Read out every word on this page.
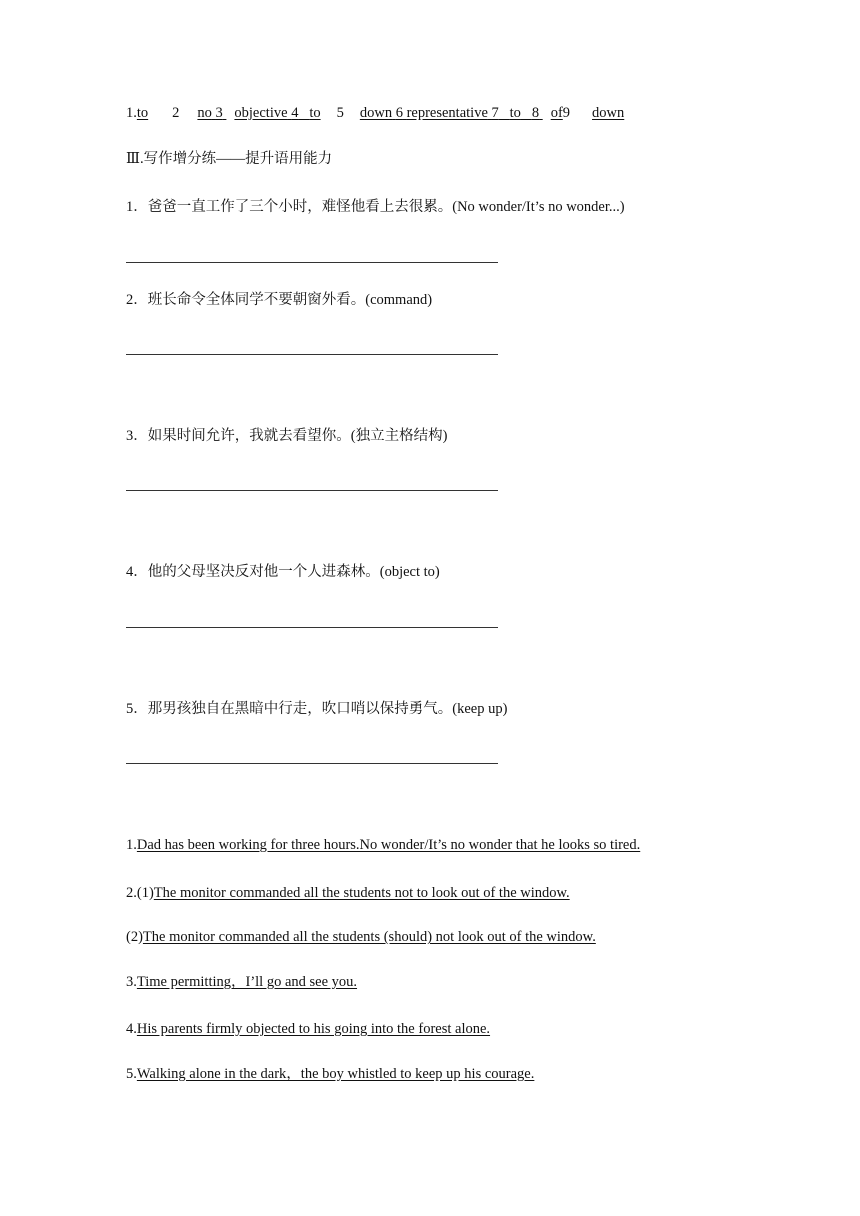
1.to 2 no 3 objective 4 to 5 down 6 representative 7 to 8 of9 down
Ⅲ.写作增分练——提升语用能力
1．爸爸一直工作了三个小时，难怪他看上去很累。(No wonder/It’s no wonder...)
2．班长命令全体同学不要朝窗外看。(command)
3．如果时间允许，我就去看望你。(独立主格结构)
4．他的父母坚决反对他一个人进森林。(object to)
5．那男孩独自在黑暗中行走，吹口哨以保持勇气。(keep up)
1.Dad has been working for three hours.No wonder/It’s no wonder that he looks so tired.
2.(1)The monitor commanded all the students not to look out of the window.
(2)The monitor commanded all the students (should) not look out of the window.
3.Time permitting，I’ll go and see you.
4.His parents firmly objected to his going into the forest alone.
5.Walking alone in the dark，the boy whistled to keep up his courage.
